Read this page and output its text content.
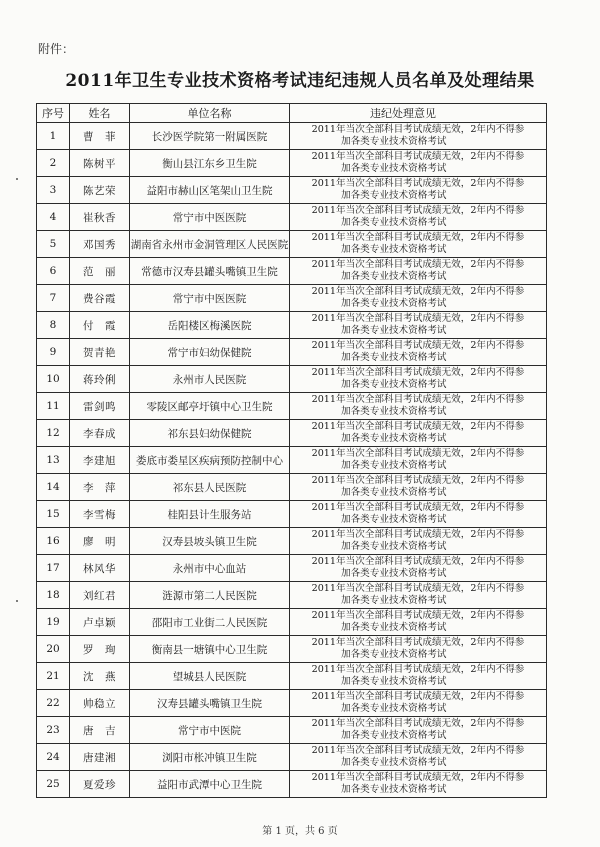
附件：
2011年卫生专业技术资格考试违纪违规人员名单及处理结果
序号	姓名	单位名称	违纪处理意见
1	曹　菲	长沙医学院第一附属医院	2011年当次全部科目考试成绩无效，2年内不得参
加各类专业技术资格考试

2	陈树平	衡山县江东乡卫生院	2011年当次全部科目考试成绩无效，2年内不得参
加各类专业技术资格考试

3	陈艺荣	益阳市赫山区笔架山卫生院	2011年当次全部科目考试成绩无效，2年内不得参
加各类专业技术资格考试

4	崔秋香	常宁市中医医院	2011年当次全部科目考试成绩无效，2年内不得参
加各类专业技术资格考试

5	邓国秀	湖南省永州市金洞管理区人民医院	2011年当次全部科目考试成绩无效，2年内不得参
加各类专业技术资格考试

6	范　丽	常德市汉寿县罐头嘴镇卫生院	2011年当次全部科目考试成绩无效，2年内不得参
加各类专业技术资格考试

7	费谷霞	常宁市中医医院	2011年当次全部科目考试成绩无效，2年内不得参
加各类专业技术资格考试

8	付　霞	岳阳楼区梅溪医院	2011年当次全部科目考试成绩无效，2年内不得参
加各类专业技术资格考试

9	贺青艳	常宁市妇幼保健院	2011年当次全部科目考试成绩无效，2年内不得参
加各类专业技术资格考试

10	蒋玲俐	永州市人民医院	2011年当次全部科目考试成绩无效，2年内不得参
加各类专业技术资格考试

11	雷剑鸣	零陵区邮亭圩镇中心卫生院	2011年当次全部科目考试成绩无效，2年内不得参
加各类专业技术资格考试

12	李春成	祁东县妇幼保健院	2011年当次全部科目考试成绩无效，2年内不得参
加各类专业技术资格考试

13	李建旭	娄底市娄星区疾病预防控制中心	2011年当次全部科目考试成绩无效，2年内不得参
加各类专业技术资格考试

14	李　萍	祁东县人民医院	2011年当次全部科目考试成绩无效，2年内不得参
加各类专业技术资格考试

15	李雪梅	桂阳县计生服务站	2011年当次全部科目考试成绩无效，2年内不得参
加各类专业技术资格考试

16	廖　明	汉寿县坡头镇卫生院	2011年当次全部科目考试成绩无效，2年内不得参
加各类专业技术资格考试

17	林风华	永州市中心血站	2011年当次全部科目考试成绩无效，2年内不得参
加各类专业技术资格考试

18	刘红君	涟源市第二人民医院	2011年当次全部科目考试成绩无效，2年内不得参
加各类专业技术资格考试

19	卢卓颖	邵阳市工业街二人民医院	2011年当次全部科目考试成绩无效，2年内不得参
加各类专业技术资格考试

20	罗　珣	衡南县一塘镇中心卫生院	2011年当次全部科目考试成绩无效，2年内不得参
加各类专业技术资格考试

21	沈　燕	望城县人民医院	2011年当次全部科目考试成绩无效，2年内不得参
加各类专业技术资格考试

22	帅稳立	汉寿县罐头嘴镇卫生院	2011年当次全部科目考试成绩无效，2年内不得参
加各类专业技术资格考试

23	唐　吉	常宁市中医院	2011年当次全部科目考试成绩无效，2年内不得参
加各类专业技术资格考试

24	唐建湘	浏阳市枨冲镇卫生院	2011年当次全部科目考试成绩无效，2年内不得参
加各类专业技术资格考试

25	夏爱珍	益阳市武潭中心卫生院	2011年当次全部科目考试成绩无效，2年内不得参
加各类专业技术资格考试
第 1 页，共 6 页
